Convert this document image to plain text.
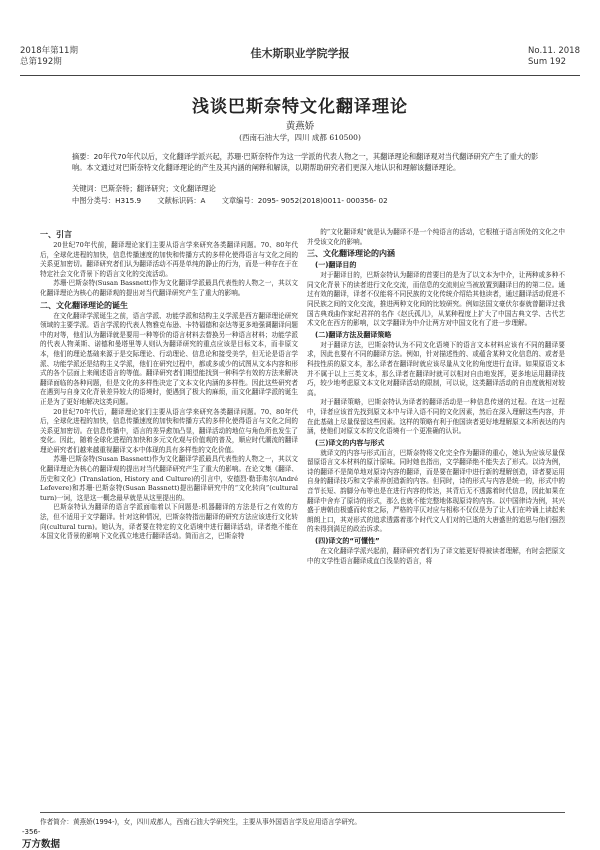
2018年第11期
总第192期
佳木斯职业学院学报	No.11. 2018
Sum 192
浅谈巴斯奈特文化翻译理论
黄燕娇
(西南石油大学，四川 成都 610500)
摘要：20年代70年代以后，文化翻译学派兴起，苏珊·巴斯奈特作为这一学派的代表人物之一，其翻译理论和翻译观对当代翻译研究产生了重大的影响。本文通过对巴斯奈特文化翻译理论的产生及其内涵的阐释和解读，以期帮助研究者们更深入地认识和理解该翻译理论。
关键词：巴斯奈特；翻译研究；文化翻译理论
中图分类号：H315.9 文献标识码：A 文章编号：2095- 9052(2018)0011- 000356- 02
一、引言

20世纪70年代前，翻译理论家们主要从语言学来研究各类翻译问题。70、80年代后，全球化进程的加快，信息传播速度的加快和传播方式的多样化使得语言与文化之间的关系更加密切。翻译研究者们认为翻译活动不再是单纯的静止的行为，而是一种存在于在特定社会文化背景下的语言文化的交流活动。

苏珊·巴斯奈特(Susan Bassnett)作为文化翻译学派最具代表性的人物之一，其以文化翻译理论为核心的翻译观的提出对当代翻译研究产生了重大的影响。

二、文化翻译理论的诞生

在文化翻译学派诞生之前，语言学派、功能学派和结构主义学派是西方翻译理论研究领域的主要学派。语言学派的代表人物雅克布逊、卡特福德和奈达等更多地强调翻译问题中的对等，他们认为翻译就是要用一种等价的语言材料去替换另一种语言材料；功能学派的代表人物莱斯、诺德和曼塔里等人则认为翻译研究的重点应该是目标文本，而非原文本，他们的理论基础来源于是交际理论、行动理论、信息论和接受美学，但无论是语言学派、功能学派还是结构主义学派，他们在研究过程中，都或多或少的试图从文本内容和形式的各个层面上来阐述语言的等值。翻译研究者们期望能找到一种科学有效的方法来解决翻译面临的各种问题，但是文化的多样性决定了文本文化内涵的多样性。因此这些研究者在遇到与自身文化背景差异较大的语境时，便遇到了极大的麻烦，而文化翻译学派的诞生正是为了更好地解决这类问题。

20世纪70年代后，翻译理论家们主要从语言学来研究各类翻译问题。70、80年代后，全球化进程的加快，信息传播速度的加快和传播方式的多样化使得语言与文化之间的关系更加密切。在信息传播中，语言的差异愈加凸显，翻译活动的地位与角色所也发生了变化。因此，随着全球化进程的加快和多元文化观与价值观的普及，顺应时代潮流的翻译理论研究者们越来越重视翻译文本中体现的具有多样性的文化价值。

苏珊·巴斯奈特(Susan Bassnett)作为文化翻译学派最具代表性的人物之一，其以文化翻译理论为核心的翻译观的提出对当代翻译研究产生了重大的影响。在论文集《翻译、历史和文化》(Translation, History and Culture)的引言中，安德烈·勒菲弗尔(André Lefevere)和苏珊·巴斯奈特(Susan Bassnett)提出翻译研究中的“文化转向”(cultural turn)一词，这是这一概念最早就是从这里提出的。

巴斯奈特认为翻译的语言学派面临着以下问题是:机器翻译的方法是行之有效的方法，但不适用于文学翻译。针对这种情况，巴斯奈特指出翻译的研究方法应该进行文化转向(cultural turn)。她认为，译者要在特定的文化语境中进行翻译活动，译者绝不能在本国文化背景的影响下文化孤立地进行翻译活动。简而言之，巴斯奈特

的“文化翻译观”就是认为翻译不是一个纯语言的活动，它根植于语言所处的文化之中并受该文化的影响。

三、文化翻译理论的内涵
(一)翻译目的

对于翻译目的，巴斯奈特认为翻译的首要目的是为了以文本为中介，让两种或多种不同文化背景下的读者进行文化交流，而信息的交流则应当被放置到翻译目的的第二位。通过有效的翻译，译者不仅能将不同民族的文化传统介绍给其他读者，通过翻译活动促进不同民族之间的文化交流，推进两种文化间的比较研究。例如法国文豪伏尔泰就曾翻译过我国古典戏曲作家纪君祥的名作《赵氏孤儿》，从某种程度上扩大了中国古典文学、古代艺术文化在西方的影响，以文学翻译为中介让两方对中国文化有了进一步理解。

(二)翻译方法及翻译策略

对于翻译方法，巴斯奈特认为不同文化语境下的语言文本材料应该有不同的翻译要求，因此也要有不同的翻译方法。例如，针对描述性的、或蕴含某种文化信息的、或者是科技性质的原文本，那么译者在翻译时就应该尽量从文化的角度进行直译。如果原语文本并不属于以上三类文本，那么译者在翻译时就可以相对自由地发挥，更多地运用翻译技巧，较少地考虑原文本文化对翻译活动的限制，可以说，这类翻译活动的自由度就相对较高。

对于翻译策略，巴斯奈特认为译者的翻译活动是一种信息传递的过程。在这一过程中，译者应该首先找到原文本中与译入语不同的文化因素，然后在深入理解这些内容，并在此基础上尽量保留这些因素。这样的策略有利于他国读者更好地理解原文本所表达的内涵，使他们对原文本的文化语境有一个更准确的认识。

(三)译文的内容与形式

就译文的内容与形式而言，巴斯奈特将文化完全作为翻译的重心，她认为应该尽量保留原语言文本材料的原汁原味。同时她也指出，文学翻译绝不能失去了形式。以诗为例，诗的翻译不是简单地对原诗内容的翻译，而是要在翻译中进行新的理解创造，译者要运用自身的翻译技巧和文学素养创造新的内容。但同时，诗的形式与内容是统一的，形式中的音节长短、韵脚分布等也是在进行内容的传达，其背后无不透露着时代信息，因此如果在翻译中舍弃了原诗的形式，那么也就不能完整地体现原诗的内容。以中国律诗为例，其兴盛于唐朝由极盛而转衰之际，严格的平仄对应与相称不仅仅是为了让人们在吟诵上读起来朗朗上口，其对形式的追求透露着那个时代文人们对的已逝的大唐盛世的追思与他们强烈的未得到满足的政治诉求。

(四)译文的“可懂性”

在文化翻译学派兴起前，翻译研究者们为了译文能更好得被读者理解，有时会把原文中的文学性语言翻译成直白浅显的语言，将

作者简介：黄燕娇(1994-)，女，四川成都人，西南石油大学研究生，主要从事外国语言学及应用语言学研究。
-356-
万方数据
